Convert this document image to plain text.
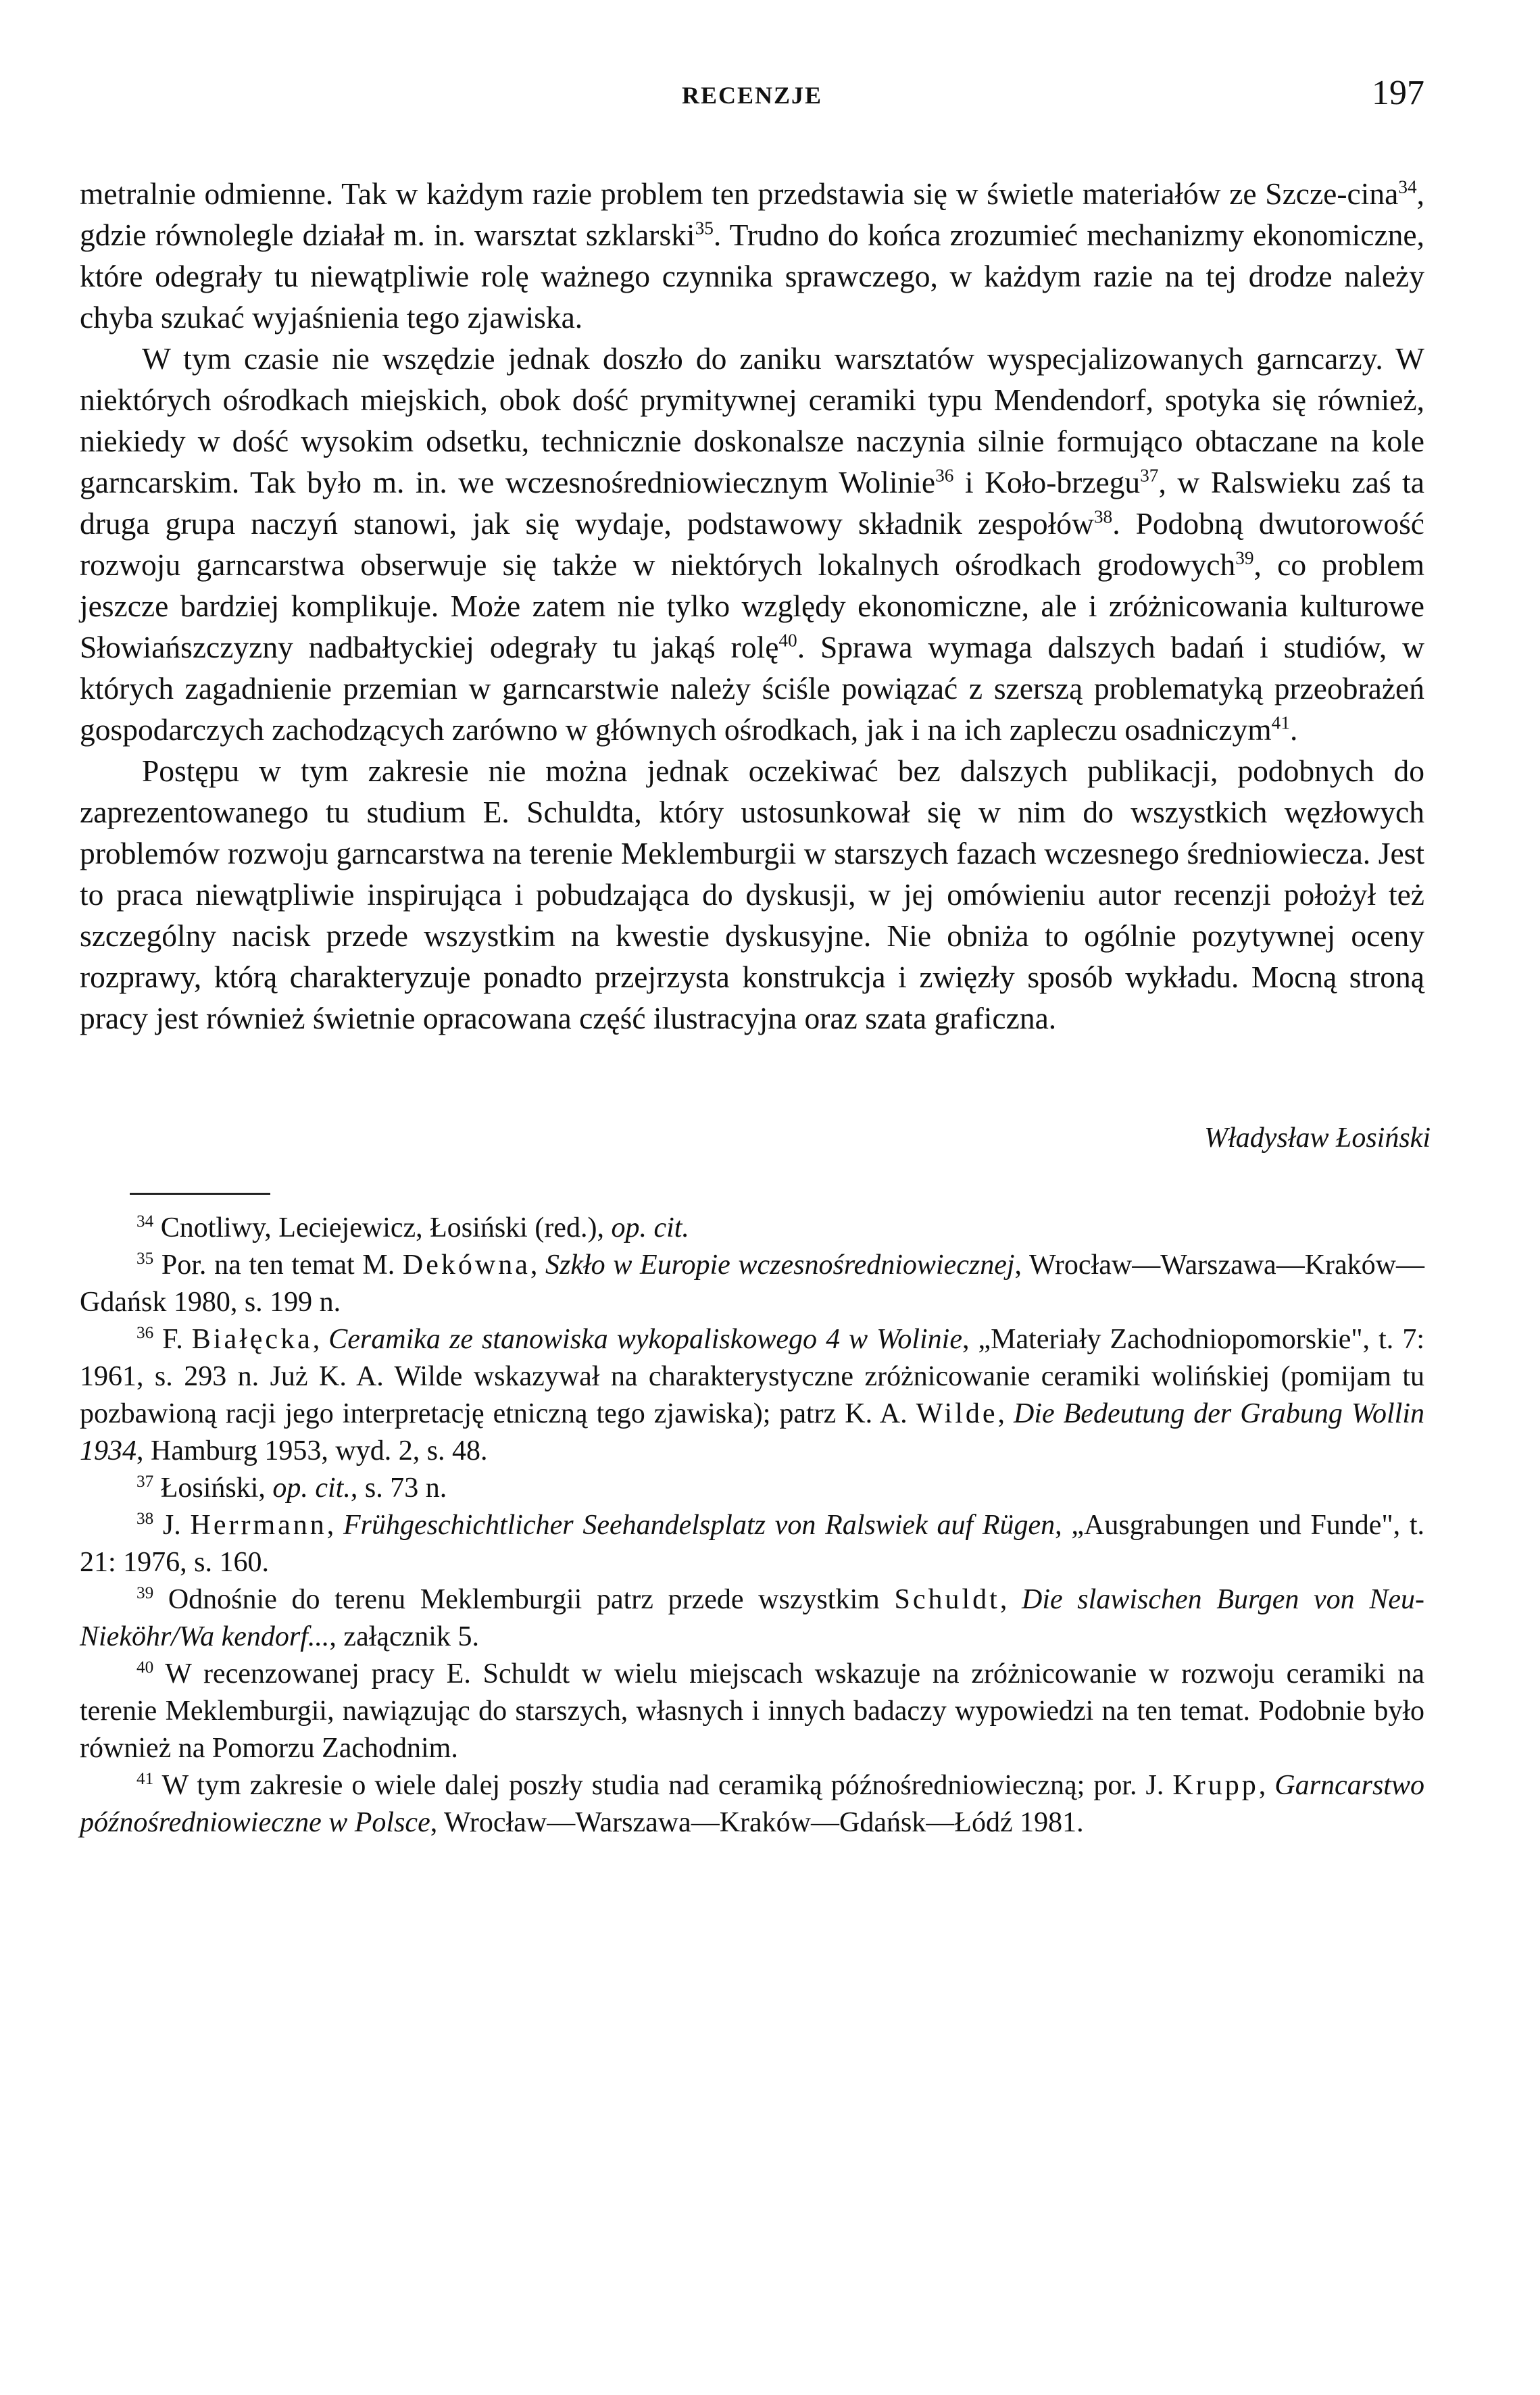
RECENZJE	197

metralnie odmienne. Tak w każdym razie problem ten przedstawia się w świetle materiałów ze Szcze-cina$^{34}$, gdzie równolegle działał m. in. warsztat szklarski$^{35}$. Trudno do końca zrozumieć mechanizmy ekonomiczne, które odegrały tu niewątpliwie rolę ważnego czynnika sprawczego, w każdym razie na tej drodze należy chyba szukać wyjaśnienia tego zjawiska.

W tym czasie nie wszędzie jednak doszło do zaniku warsztatów wyspecjalizowanych garncarzy. W niektórych ośrodkach miejskich, obok dość prymitywnej ceramiki typu Mendendorf, spotyka się również, niekiedy w dość wysokim odsetku, technicznie doskonalsze naczynia silnie formująco obtaczane na kole garncarskim. Tak było m. in. we wczesnośredniowiecznym Wolinie$^{36}$ i Koło-brzegu$^{37}$, w Ralswieku zaś ta druga grupa naczyń stanowi, jak się wydaje, podstawowy składnik zespołów$^{38}$. Podobną dwutorowość rozwoju garncarstwa obserwuje się także w niektórych lokalnych ośrodkach grodowych$^{39}$, co problem jeszcze bardziej komplikuje. Może zatem nie tylko względy ekonomiczne, ale i zróżnicowania kulturowe Słowiańszczyzny nadbałtyckiej odegrały tu jakąś rolę$^{40}$. Sprawa wymaga dalszych badań i studiów, w których zagadnienie przemian w garncarstwie należy ściśle powiązać z szerszą problematyką przeobrażeń gospodarczych zachodzących zarówno w głównych ośrodkach, jak i na ich zapleczu osadniczym$^{41}$.

Postępu w tym zakresie nie można jednak oczekiwać bez dalszych publikacji, podobnych do zaprezentowanego tu studium E. Schuldta, który ustosunkował się w nim do wszystkich węzłowych problemów rozwoju garncarstwa na terenie Meklemburgii w starszych fazach wczesnego średniowiecza. Jest to praca niewątpliwie inspirująca i pobudzająca do dyskusji, w jej omówieniu autor recenzji położył też szczególny nacisk przede wszystkim na kwestie dyskusyjne. Nie obniża to ogólnie pozytywnej oceny rozprawy, którą charakteryzuje ponadto przejrzysta konstrukcja i zwięzły sposób wykładu. Mocną stroną pracy jest również świetnie opracowana część ilustracyjna oraz szata graficzna.

Władysław Łosiński

$^{34}$ Cnotliwy, Leciejewicz, Łosiński (red.), op. cit.

$^{35}$ Por. na ten temat M. Dekówna, Szkło w Europie wczesnośredniowiecznej, Wrocław—Warszawa—Kraków—Gdańsk 1980, s. 199 n.

$^{36}$ F. Białęcka, Ceramika ze stanowiska wykopaliskowego 4 w Wolinie, „Materiały Zachodniopomorskie", t. 7: 1961, s. 293 n. Już K. A. Wilde wskazywał na charakterystyczne zróżnicowanie ceramiki wolińskiej (pomijam tu pozbawioną racji jego interpretację etniczną tego zjawiska); patrz K. A. Wilde, Die Bedeutung der Grabung Wollin 1934, Hamburg 1953, wyd. 2, s. 48.

$^{37}$ Łosiński, op. cit., s. 73 n.

$^{38}$ J. Herrmann, Frühgeschichtlicher Seehandelsplatz von Ralswiek auf Rügen, „Ausgrabungen und Funde", t. 21: 1976, s. 160.

$^{39}$ Odnośnie do terenu Meklemburgii patrz przede wszystkim Schuldt, Die slawischen Burgen von Neu-Nieköhr/Wa kendorf..., załącznik 5.

$^{40}$ W recenzowanej pracy E. Schuldt w wielu miejscach wskazuje na zróżnicowanie w rozwoju ceramiki na terenie Meklemburgii, nawiązując do starszych, własnych i innych badaczy wypowiedzi na ten temat. Podobnie było również na Pomorzu Zachodnim.

$^{41}$ W tym zakresie o wiele dalej poszły studia nad ceramiką późnośredniowieczną; por. J. Krupp, Garncarstwo późnośredniowieczne w Polsce, Wrocław—Warszawa—Kraków—Gdańsk—Łódź 1981.
